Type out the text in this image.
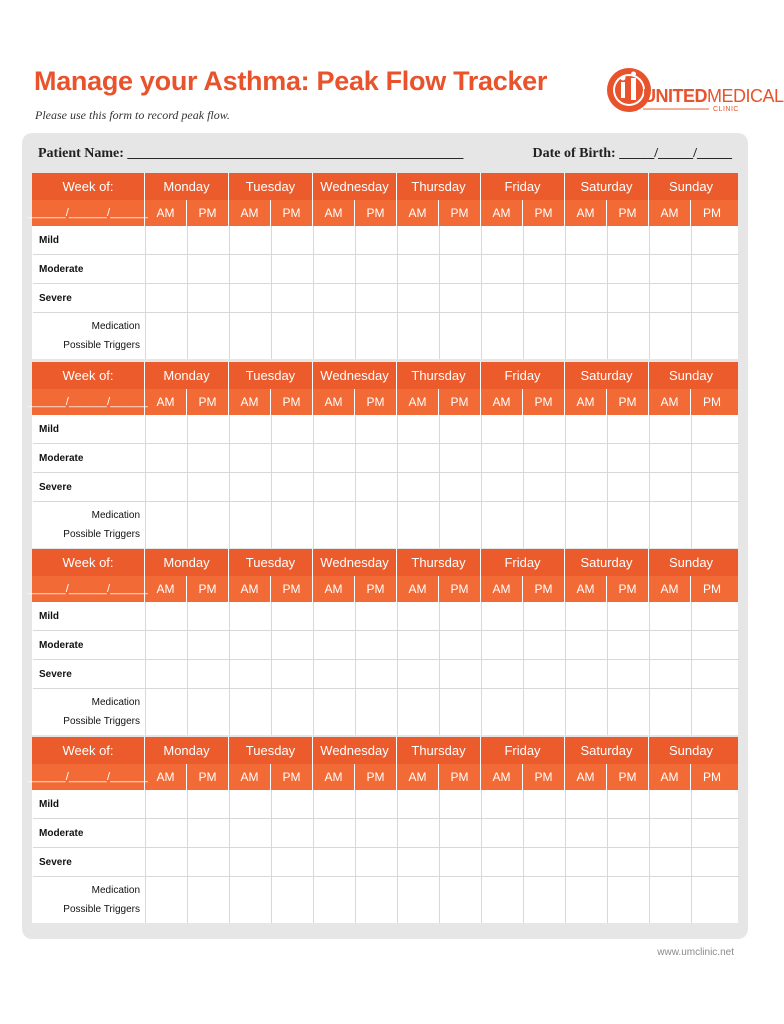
Manage your Asthma: Peak Flow Tracker
Please use this form to record peak flow.
UNITEDMEDICAL
CLINIC
Patient Name: ________________________________________________	Date of Birth: _____/_____/_____
Week of:	Monday	Tuesday	Wednesday	Thursday	Friday	Saturday	Sunday
______/______/______ AM	PM	AM	PM	AM	PM	AM	PM	AM	PM	AM	PM	AM	PM
Mild
Moderate
Severe
Medication
Possible Triggers
Week of:	Monday	Tuesday	Wednesday	Thursday	Friday	Saturday	Sunday
______/______/______ AM	PM	AM	PM	AM	PM	AM	PM	AM	PM	AM	PM	AM	PM
Mild
Moderate
Severe
Medication
Possible Triggers
Week of:	Monday	Tuesday	Wednesday	Thursday	Friday	Saturday	Sunday
______/______/______ AM	PM	AM	PM	AM	PM	AM	PM	AM	PM	AM	PM	AM	PM
Mild
Moderate
Severe
Medication
Possible Triggers
Week of:	Monday	Tuesday	Wednesday	Thursday	Friday	Saturday	Sunday
______/______/______ AM	PM	AM	PM	AM	PM	AM	PM	AM	PM	AM	PM	AM	PM
Mild
Moderate
Severe
Medication
Possible Triggers
www.umclinic.net
